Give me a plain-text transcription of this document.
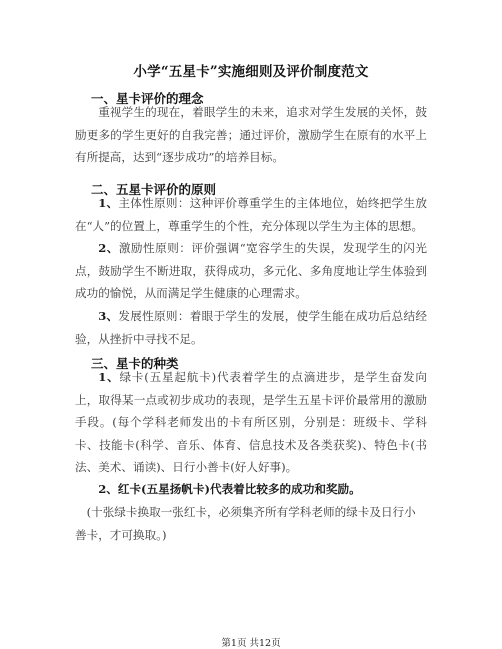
小学“五星卡”实施细则及评价制度范文
一、星卡评价的理念
重视学生的现在，着眼学生的未来，追求对学生发展的关怀，鼓励更多的学生更好的自我完善；通过评价，激励学生在原有的水平上有所提高，达到“逐步成功”的培养目标。
二、五星卡评价的原则
1、主体性原则：这种评价尊重学生的主体地位，始终把学生放在“人”的位置上，尊重学生的个性，充分体现以学生为主体的思想。
2、激励性原则：评价强调“宽容学生的失误，发现学生的闪光点，鼓励学生不断进取，获得成功，多元化、多角度地让学生体验到成功的愉悦，从而满足学生健康的心理需求。
3、发展性原则：着眼于学生的发展，使学生能在成功后总结经验，从挫折中寻找不足。
三、星卡的种类
1、绿卡(五星起航卡)代表着学生的点滴进步，是学生奋发向上，取得某一点或初步成功的表现，是学生五星卡评价最常用的激励手段。(每个学科老师发出的卡有所区别，分别是：班级卡、学科卡、技能卡(科学、音乐、体育、信息技术及各类获奖)、特色卡(书法、美术、诵读)、日行小善卡(好人好事)。
2、红卡(五星扬帆卡)代表着比较多的成功和奖励。
(十张绿卡换取一张红卡，必须集齐所有学科老师的绿卡及日行小善卡，才可换取。)
第1页 共12页
